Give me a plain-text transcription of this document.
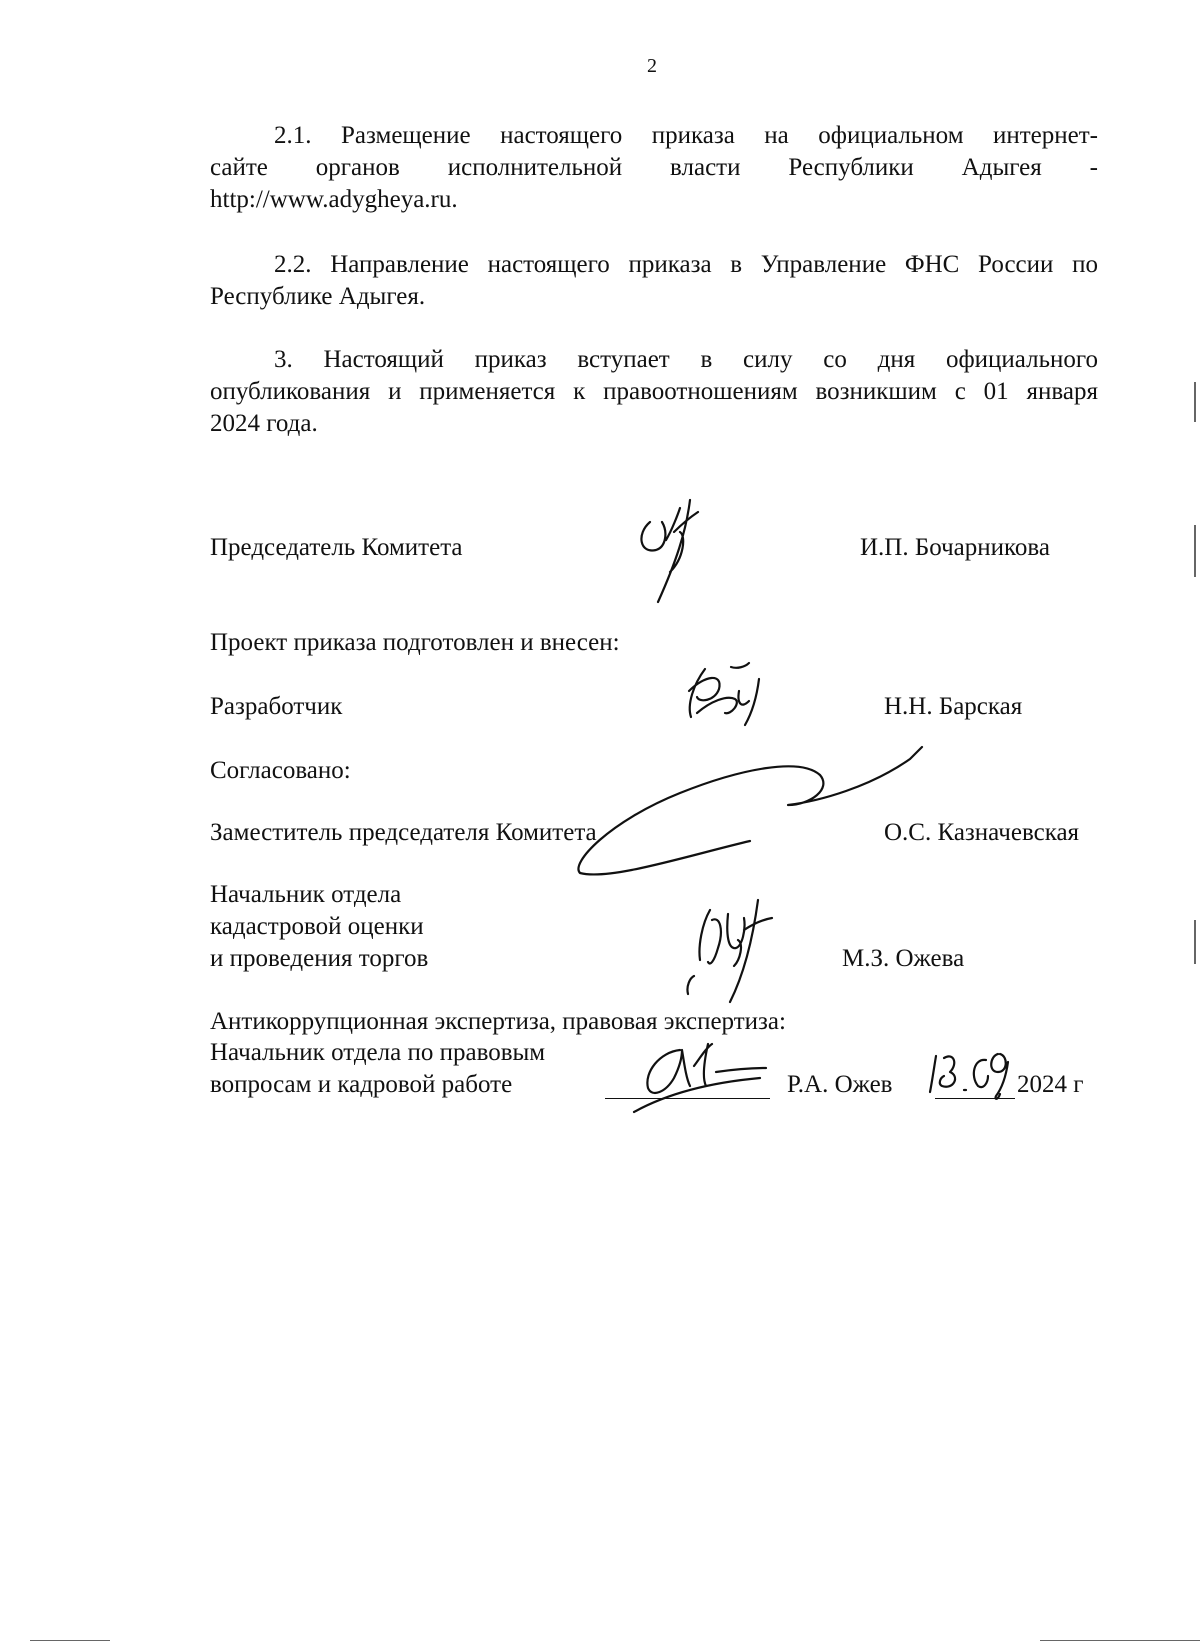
2
2.1. Размещение настоящего приказа на официальном интернет-
сайте органов исполнительной власти Республики Адыгея -
http://www.adygheya.ru.
2.2. Направление настоящего приказа в Управление ФНС России по
Республике Адыгея.
3. Настоящий приказ вступает в силу со дня официального
опубликования и применяется к правоотношениям возникшим с 01 января
2024 года.
Председатель Комитета	И.П. Бочарникова
Проект приказа подготовлен и внесен:
Разработчик	Н.Н. Барская
Согласовано:
Заместитель председателя Комитета	О.С. Казначевская
Начальник отдела
кадастровой оценки
и проведения торгов	М.З. Ожева
Антикоррупционная экспертиза, правовая экспертиза:
Начальник отдела по правовым
вопросам и кадровой работе	Р.А. Ожев	2024 г
